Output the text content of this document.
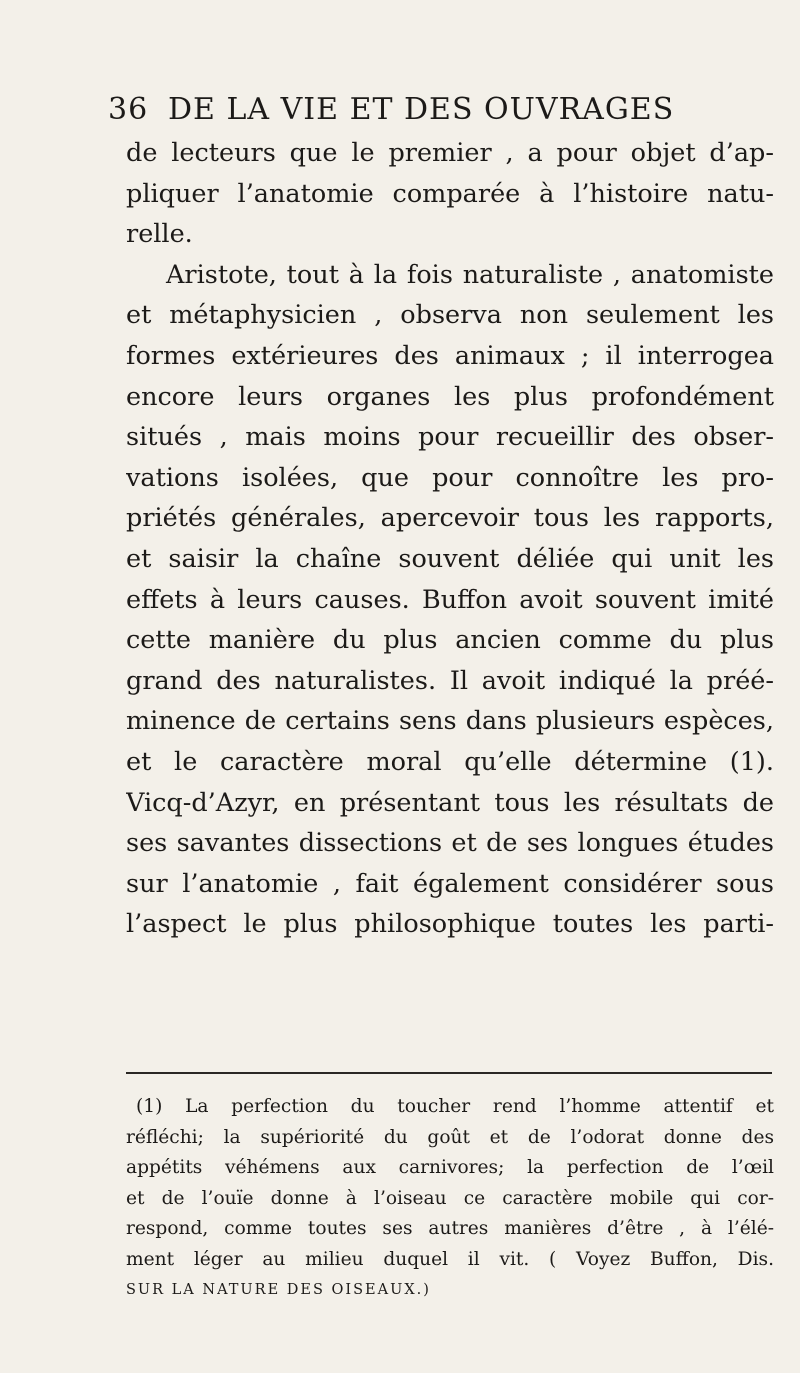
36 DE LA VIE ET DES OUVRAGES
de lecteurs que le premier , a pour objet d’ap-
pliquer l’anatomie comparée à l’histoire natu-
relle.
Aristote, tout à la fois naturaliste , anatomiste
et métaphysicien , observa non seulement les
formes extérieures des animaux ; il interrogea
encore leurs organes les plus profondément
situés , mais moins pour recueillir des obser-
vations isolées, que pour connoître les pro-
priétés générales, apercevoir tous les rapports,
et saisir la chaîne souvent déliée qui unit les
effets à leurs causes. Buffon avoit souvent imité
cette manière du plus ancien comme du plus
grand des naturalistes. Il avoit indiqué la préé-
minence de certains sens dans plusieurs espèces,
et le caractère moral qu’elle détermine (1).
Vicq-d’Azyr, en présentant tous les résultats de
ses savantes dissections et de ses longues études
sur l’anatomie , fait également considérer sous
l’aspect le plus philosophique toutes les parti-
(1) La perfection du toucher rend l’homme attentif et
réfléchi; la supériorité du goût et de l’odorat donne des
appétits véhémens aux carnivores; la perfection de l’œil
et de l’ouïe donne à l’oiseau ce caractère mobile qui cor-
respond, comme toutes ses autres manières d’être , à l’élé-
ment léger au milieu duquel il vit. ( Voyez Buffon, Dis.
SUR LA NATURE DES OISEAUX.)
